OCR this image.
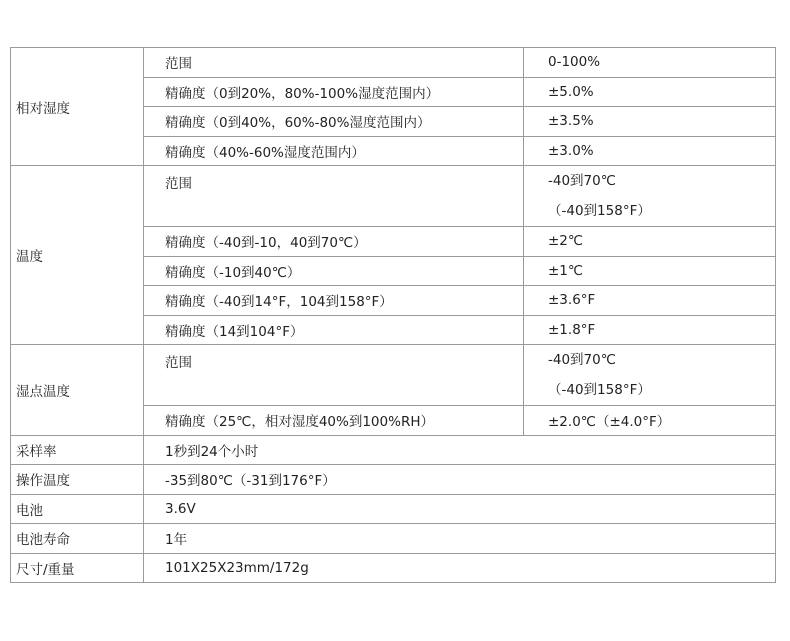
相对湿度	范围	0-100%
	精确度（0到20%，80%-100%湿度范围内）	±5.0%
	精确度（0到40%，60%-80%湿度范围内）	±3.5%
	精确度（40%-60%湿度范围内）	±3.0%
温度	范围	-40到70℃
（-40到158°F）

	精确度（-40到-10，40到70℃）	±2℃
	精确度（-10到40℃）	±1℃
	精确度（-40到14°F，104到158°F）	±3.6°F
	精确度（14到104°F）	±1.8°F
湿点温度	范围	-40到70℃
（-40到158°F）

	精确度（25℃，相对湿度40%到100%RH）	±2.0℃（±4.0°F）
采样率	1秒到24个小时	
操作温度	-35到80℃（-31到176°F）	
电池	3.6V	
电池寿命	1年	
尺寸/重量	101X25X23mm/172g	
